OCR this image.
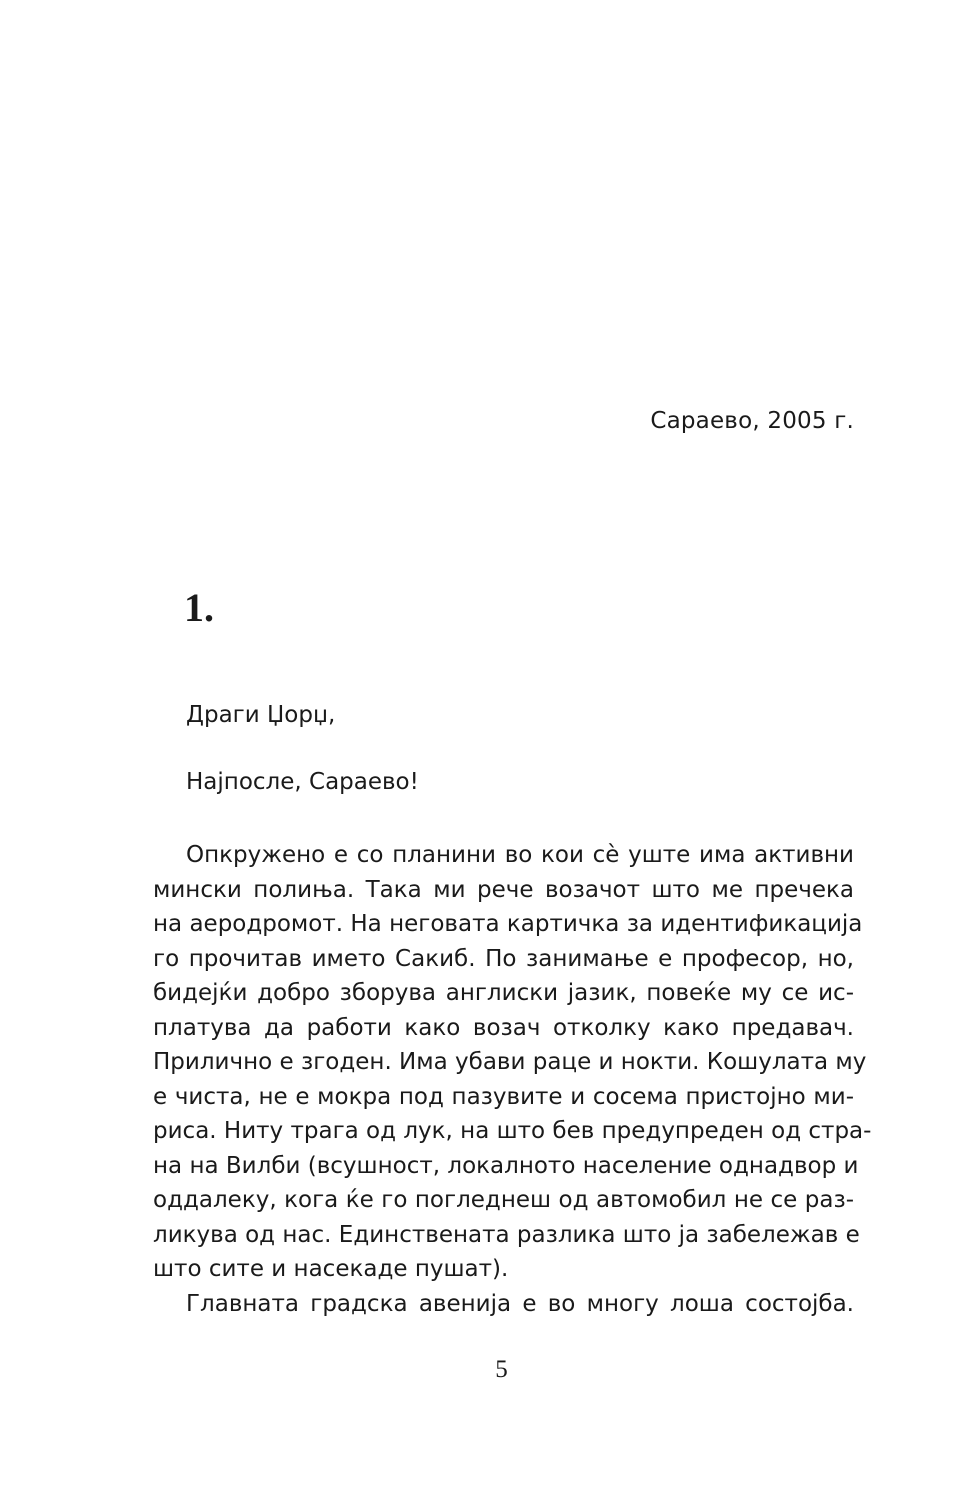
Сараево, 2005 г.
1.
Драги Џорџ,
Најпосле, Сараево!
Опкружено е со планини во кои сè уште има активни
мински полиња. Така ми рече возачот што ме пречека
на аеродромот. На неговата картичка за идентификација
го прочитав името Сакиб. По занимање е професор, но,
бидејќи добро зборува англиски јазик, повеќе му се ис-
платува да работи како возач отколку како предавач.
Прилично е згоден. Има убави раце и нокти. Кошулата му
е чиста, не е мокра под пазувите и сосема пристојно ми-
риса. Ниту трага од лук, на што бев предупреден од стра-
на на Вилби (всушност, локалното население однадвор и
оддалеку, кога ќе го погледнеш од автомобил не се раз-
ликува од нас. Единствената разлика што ја забележав е
што сите и насекаде пушат).
Главната градска авенија е во многу лоша состојба.
5
